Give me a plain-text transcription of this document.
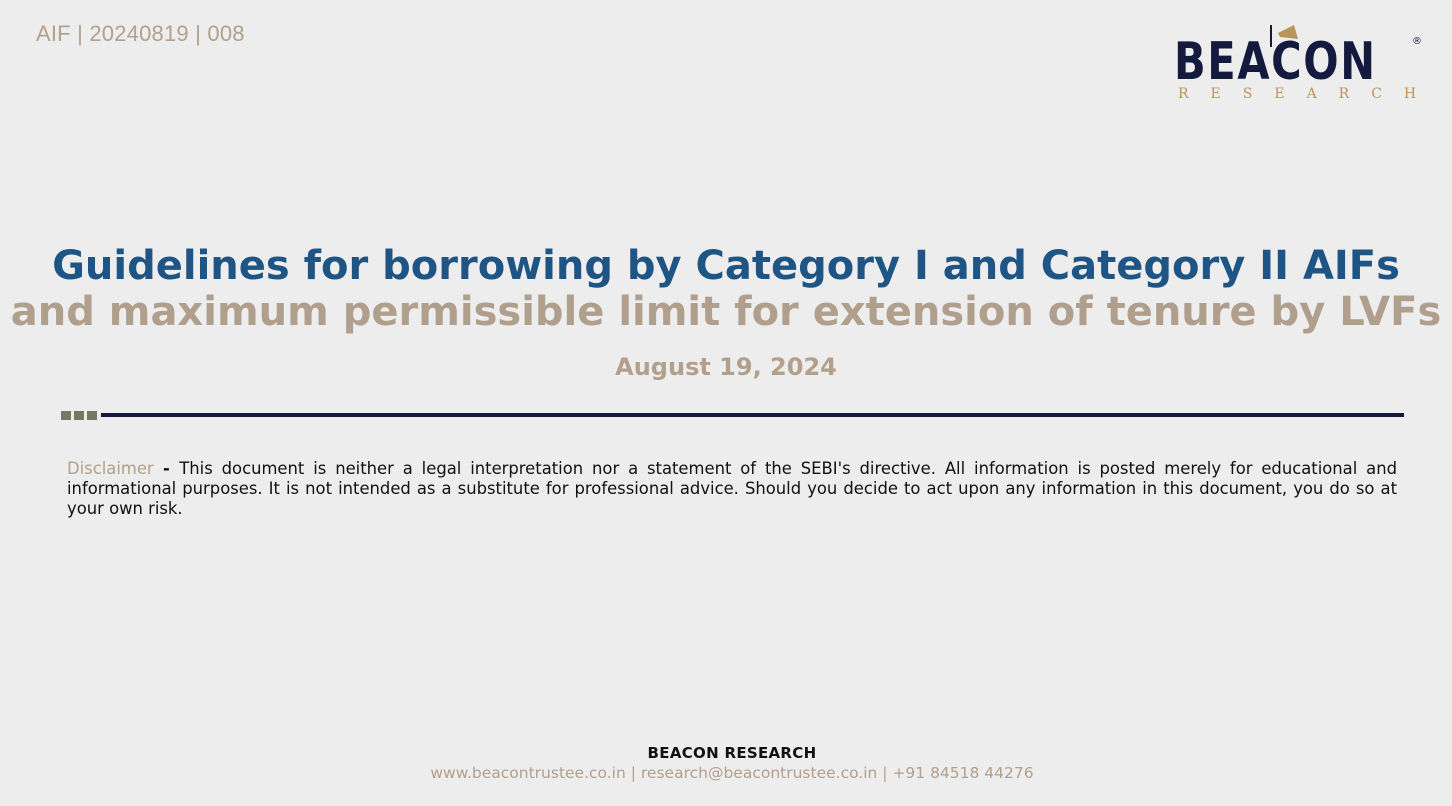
AIF | 20240819 | 008	BEACON	®
RESEARCH
Guidelines for borrowing by Category I and Category II AIFs
and maximum permissible limit for extension of tenure by LVFs
August 19, 2024
Disclaimer - This document is neither a legal interpretation nor a statement of the SEBI's directive. All information is posted merely for educational and informational purposes. It is not intended as a substitute for professional advice. Should you decide to act upon any information in this document, you do so at your own risk.
BEACON RESEARCH
www.beacontrustee.co.in | research@beacontrustee.co.in | +91 84518 44276
